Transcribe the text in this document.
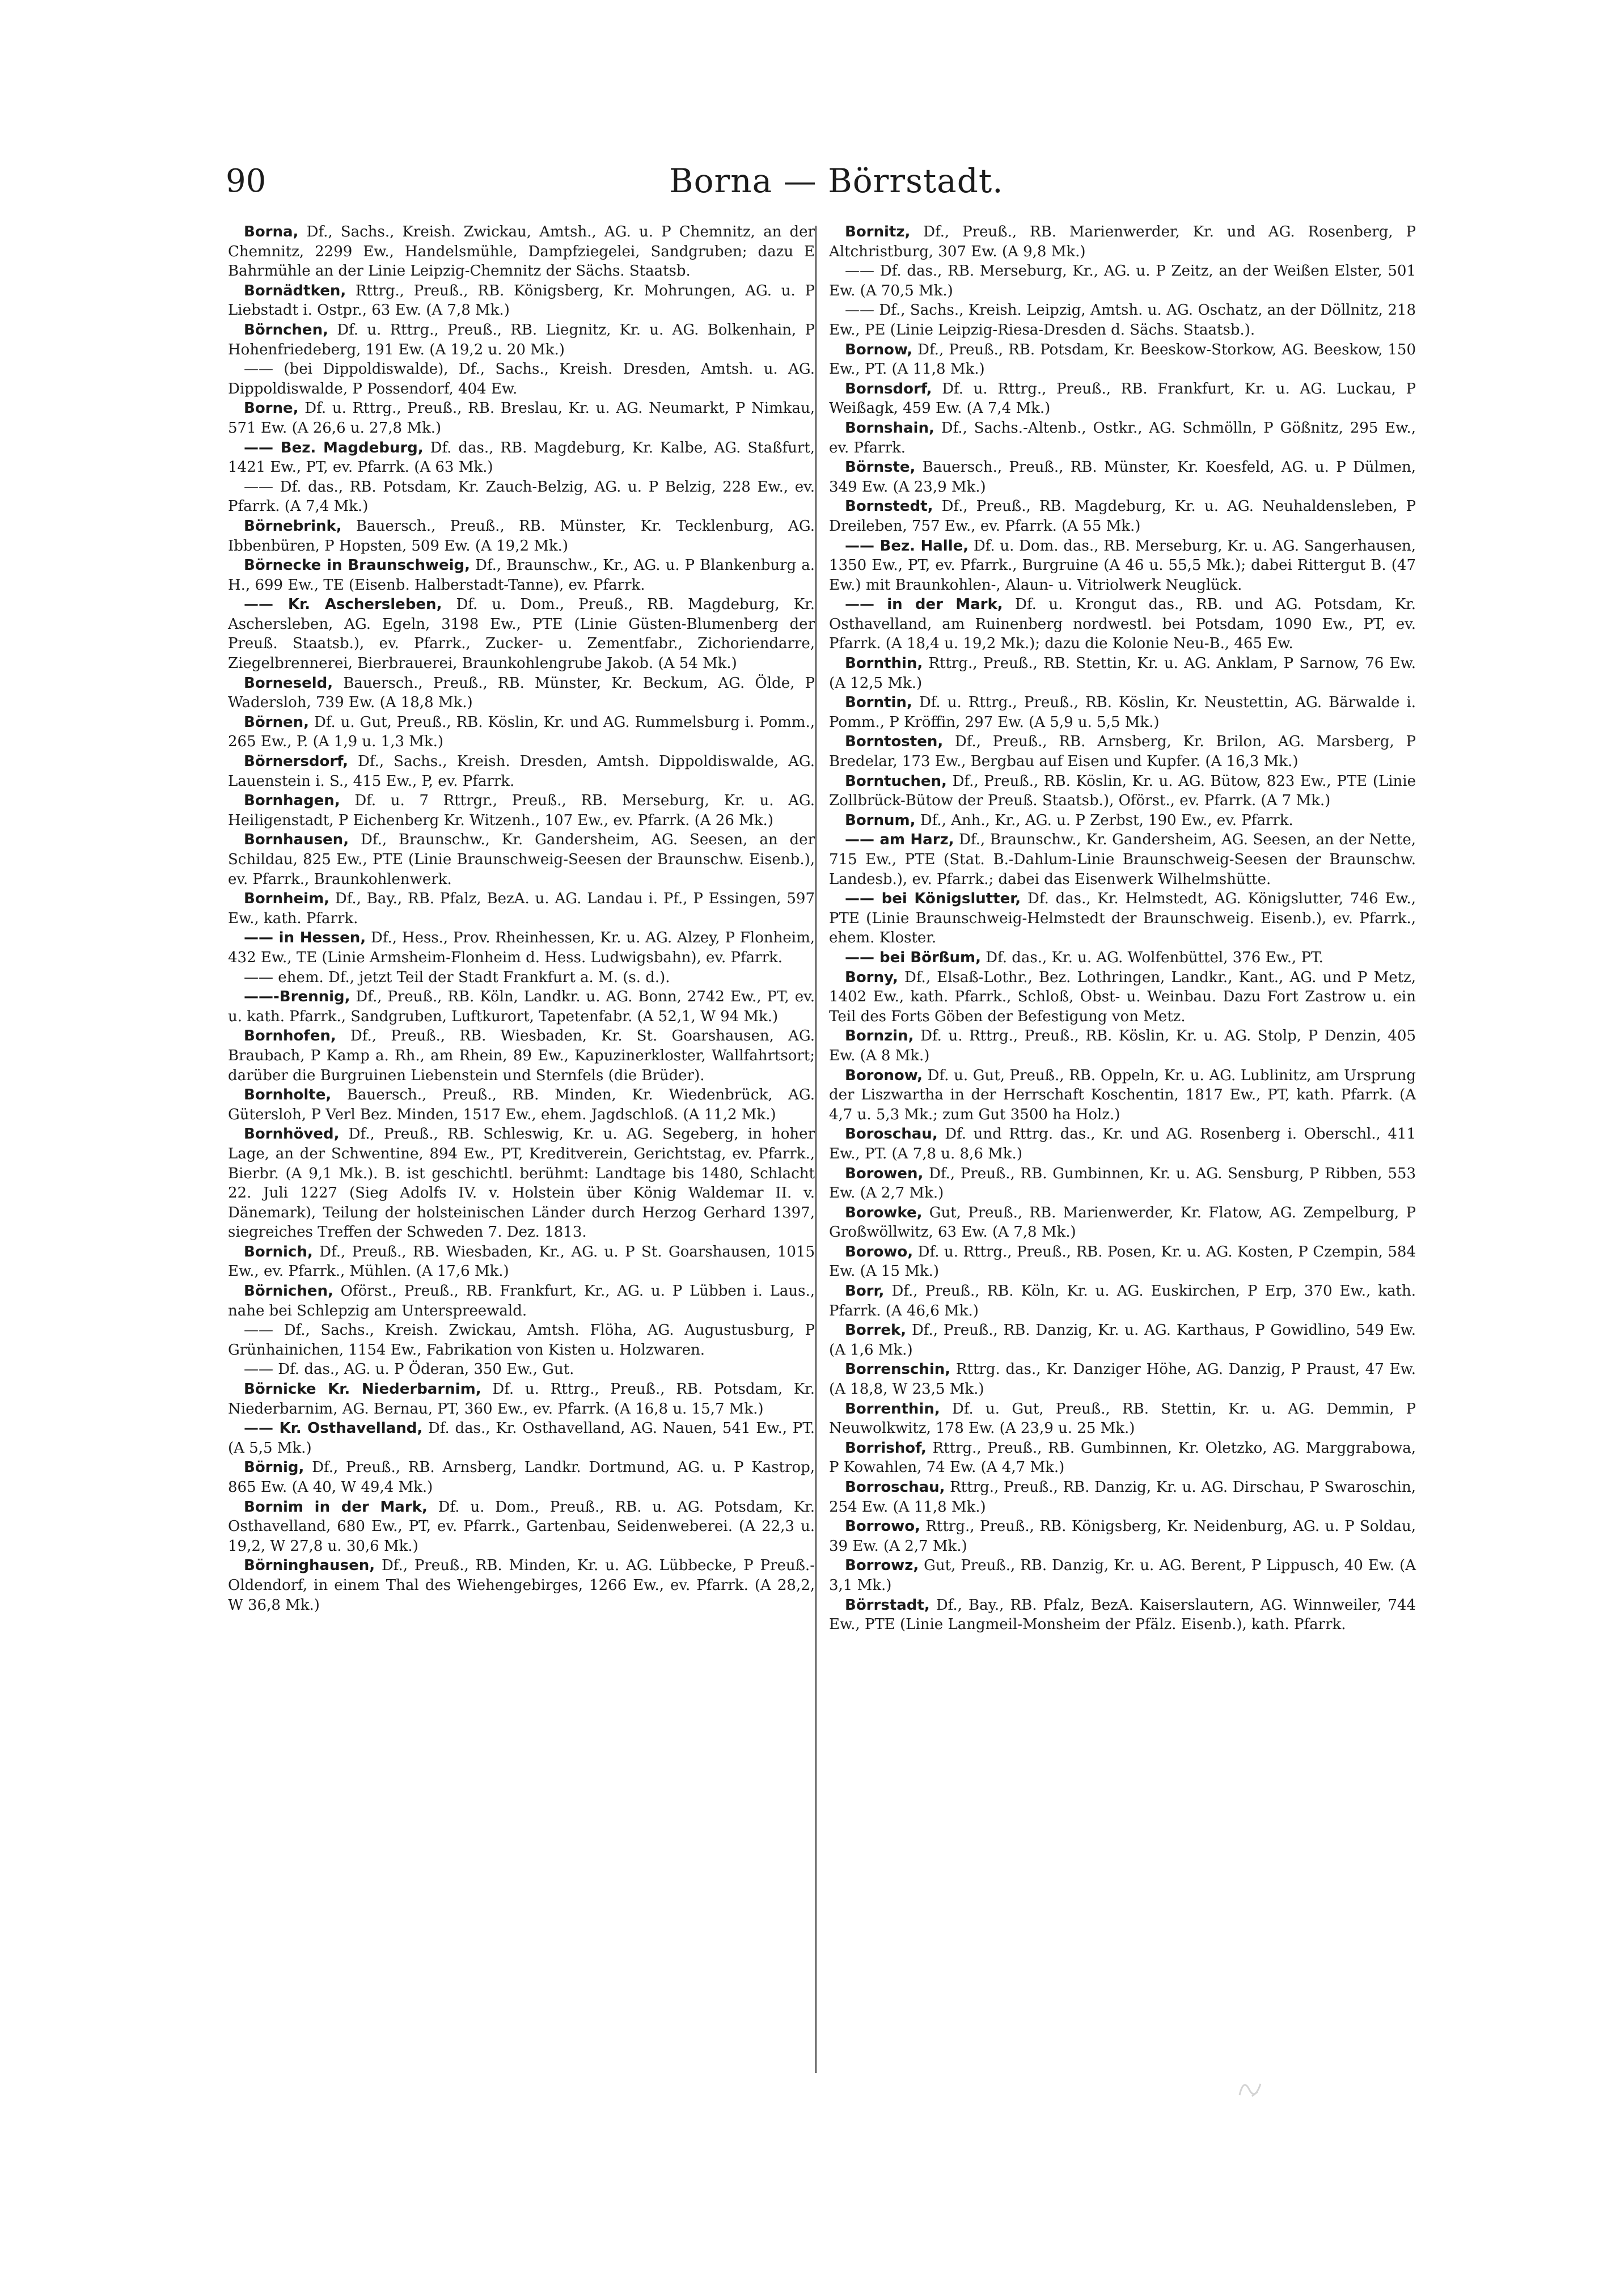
90	Borna — Börrstadt.

Borna, Df., Sachs., Kreish. Zwickau, Amtsh., AG. u. P Chemnitz, an der Chemnitz, 2299 Ew., Handelsmühle, Dampfziegelei, Sandgruben; dazu E Bahrmühle an der Linie Leipzig-Chemnitz der Sächs. Staatsb.

Bornädtken, Rttrg., Preuß., RB. Königsberg, Kr. Mohrungen, AG. u. P Liebstadt i. Ostpr., 63 Ew. (A 7,8 Mk.)

Börnchen, Df. u. Rttrg., Preuß., RB. Liegnitz, Kr. u. AG. Bolkenhain, P Hohenfriedeberg, 191 Ew. (A 19,2 u. 20 Mk.)

—— (bei Dippoldiswalde), Df., Sachs., Kreish. Dresden, Amtsh. u. AG. Dippoldiswalde, P Possendorf, 404 Ew.

Borne, Df. u. Rttrg., Preuß., RB. Breslau, Kr. u. AG. Neumarkt, P Nimkau, 571 Ew. (A 26,6 u. 27,8 Mk.)

—— Bez. Magdeburg, Df. das., RB. Magdeburg, Kr. Kalbe, AG. Staßfurt, 1421 Ew., PT, ev. Pfarrk. (A 63 Mk.)

—— Df. das., RB. Potsdam, Kr. Zauch-Belzig, AG. u. P Belzig, 228 Ew., ev. Pfarrk. (A 7,4 Mk.)

Börnebrink, Bauersch., Preuß., RB. Münster, Kr. Tecklenburg, AG. Ibbenbüren, P Hopsten, 509 Ew. (A 19,2 Mk.)

Börnecke in Braunschweig, Df., Braunschw., Kr., AG. u. P Blankenburg a. H., 699 Ew., TE (Eisenb. Halberstadt-Tanne), ev. Pfarrk.

—— Kr. Aschersleben, Df. u. Dom., Preuß., RB. Magdeburg, Kr. Aschersleben, AG. Egeln, 3198 Ew., PTE (Linie Güsten-Blumenberg der Preuß. Staatsb.), ev. Pfarrk., Zucker- u. Zementfabr., Zichoriendarre, Ziegelbrennerei, Bierbrauerei, Braunkohlengrube Jakob. (A 54 Mk.)

Borneseld, Bauersch., Preuß., RB. Münster, Kr. Beckum, AG. Ölde, P Wadersloh, 739 Ew. (A 18,8 Mk.)

Börnen, Df. u. Gut, Preuß., RB. Köslin, Kr. und AG. Rummelsburg i. Pomm., 265 Ew., P. (A 1,9 u. 1,3 Mk.)

Börnersdorf, Df., Sachs., Kreish. Dresden, Amtsh. Dippoldiswalde, AG. Lauenstein i. S., 415 Ew., P, ev. Pfarrk.

Bornhagen, Df. u. 7 Rttrgr., Preuß., RB. Merseburg, Kr. u. AG. Heiligenstadt, P Eichenberg Kr. Witzenh., 107 Ew., ev. Pfarrk. (A 26 Mk.)

Bornhausen, Df., Braunschw., Kr. Gandersheim, AG. Seesen, an der Schildau, 825 Ew., PTE (Linie Braunschweig-Seesen der Braunschw. Eisenb.), ev. Pfarrk., Braunkohlenwerk.

Bornheim, Df., Bay., RB. Pfalz, BezA. u. AG. Landau i. Pf., P Essingen, 597 Ew., kath. Pfarrk.

—— in Hessen, Df., Hess., Prov. Rheinhessen, Kr. u. AG. Alzey, P Flonheim, 432 Ew., TE (Linie Armsheim-Flonheim d. Hess. Ludwigsbahn), ev. Pfarrk.

—— ehem. Df., jetzt Teil der Stadt Frankfurt a. M. (s. d.).

——-Brennig, Df., Preuß., RB. Köln, Landkr. u. AG. Bonn, 2742 Ew., PT, ev. u. kath. Pfarrk., Sandgruben, Luftkurort, Tapetenfabr. (A 52,1, W 94 Mk.)

Bornhofen, Df., Preuß., RB. Wiesbaden, Kr. St. Goarshausen, AG. Braubach, P Kamp a. Rh., am Rhein, 89 Ew., Kapuzinerkloster, Wallfahrtsort; darüber die Burgruinen Liebenstein und Sternfels (die Brüder).

Bornholte, Bauersch., Preuß., RB. Minden, Kr. Wiedenbrück, AG. Gütersloh, P Verl Bez. Minden, 1517 Ew., ehem. Jagdschloß. (A 11,2 Mk.)

Bornhöved, Df., Preuß., RB. Schleswig, Kr. u. AG. Segeberg, in hoher Lage, an der Schwentine, 894 Ew., PT, Kreditverein, Gerichtstag, ev. Pfarrk., Bierbr. (A 9,1 Mk.). B. ist geschichtl. berühmt: Landtage bis 1480, Schlacht 22. Juli 1227 (Sieg Adolfs IV. v. Holstein über König Waldemar II. v. Dänemark), Teilung der holsteinischen Länder durch Herzog Gerhard 1397, siegreiches Treffen der Schweden 7. Dez. 1813.

Bornich, Df., Preuß., RB. Wiesbaden, Kr., AG. u. P St. Goarshausen, 1015 Ew., ev. Pfarrk., Mühlen. (A 17,6 Mk.)

Börnichen, Oförst., Preuß., RB. Frankfurt, Kr., AG. u. P Lübben i. Laus., nahe bei Schlepzig am Unterspreewald.

—— Df., Sachs., Kreish. Zwickau, Amtsh. Flöha, AG. Augustusburg, P Grünhainichen, 1154 Ew., Fabrikation von Kisten u. Holzwaren.

—— Df. das., AG. u. P Öderan, 350 Ew., Gut.

Börnicke Kr. Niederbarnim, Df. u. Rttrg., Preuß., RB. Potsdam, Kr. Niederbarnim, AG. Bernau, PT, 360 Ew., ev. Pfarrk. (A 16,8 u. 15,7 Mk.)

—— Kr. Osthavelland, Df. das., Kr. Osthavelland, AG. Nauen, 541 Ew., PT. (A 5,5 Mk.)

Börnig, Df., Preuß., RB. Arnsberg, Landkr. Dortmund, AG. u. P Kastrop, 865 Ew. (A 40, W 49,4 Mk.)

Bornim in der Mark, Df. u. Dom., Preuß., RB. u. AG. Potsdam, Kr. Osthavelland, 680 Ew., PT, ev. Pfarrk., Gartenbau, Seidenweberei. (A 22,3 u. 19,2, W 27,8 u. 30,6 Mk.)

Börninghausen, Df., Preuß., RB. Minden, Kr. u. AG. Lübbecke, P Preuß.-Oldendorf, in einem Thal des Wiehengebirges, 1266 Ew., ev. Pfarrk. (A 28,2, W 36,8 Mk.)

Bornitz, Df., Preuß., RB. Marienwerder, Kr. und AG. Rosenberg, P Altchristburg, 307 Ew. (A 9,8 Mk.)

—— Df. das., RB. Merseburg, Kr., AG. u. P Zeitz, an der Weißen Elster, 501 Ew. (A 70,5 Mk.)

—— Df., Sachs., Kreish. Leipzig, Amtsh. u. AG. Oschatz, an der Döllnitz, 218 Ew., PE (Linie Leipzig-Riesa-Dresden d. Sächs. Staatsb.).

Bornow, Df., Preuß., RB. Potsdam, Kr. Beeskow-Storkow, AG. Beeskow, 150 Ew., PT. (A 11,8 Mk.)

Bornsdorf, Df. u. Rttrg., Preuß., RB. Frankfurt, Kr. u. AG. Luckau, P Weißagk, 459 Ew. (A 7,4 Mk.)

Bornshain, Df., Sachs.-Altenb., Ostkr., AG. Schmölln, P Gößnitz, 295 Ew., ev. Pfarrk.

Börnste, Bauersch., Preuß., RB. Münster, Kr. Koesfeld, AG. u. P Dülmen, 349 Ew. (A 23,9 Mk.)

Bornstedt, Df., Preuß., RB. Magdeburg, Kr. u. AG. Neuhaldensleben, P Dreileben, 757 Ew., ev. Pfarrk. (A 55 Mk.)

—— Bez. Halle, Df. u. Dom. das., RB. Merseburg, Kr. u. AG. Sangerhausen, 1350 Ew., PT, ev. Pfarrk., Burgruine (A 46 u. 55,5 Mk.); dabei Rittergut B. (47 Ew.) mit Braunkohlen-, Alaun- u. Vitriolwerk Neuglück.

—— in der Mark, Df. u. Krongut das., RB. und AG. Potsdam, Kr. Osthavelland, am Ruinenberg nordwestl. bei Potsdam, 1090 Ew., PT, ev. Pfarrk. (A 18,4 u. 19,2 Mk.); dazu die Kolonie Neu-B., 465 Ew.

Bornthin, Rttrg., Preuß., RB. Stettin, Kr. u. AG. Anklam, P Sarnow, 76 Ew. (A 12,5 Mk.)

Borntin, Df. u. Rttrg., Preuß., RB. Köslin, Kr. Neustettin, AG. Bärwalde i. Pomm., P Kröffin, 297 Ew. (A 5,9 u. 5,5 Mk.)

Borntosten, Df., Preuß., RB. Arnsberg, Kr. Brilon, AG. Marsberg, P Bredelar, 173 Ew., Bergbau auf Eisen und Kupfer. (A 16,3 Mk.)

Borntuchen, Df., Preuß., RB. Köslin, Kr. u. AG. Bütow, 823 Ew., PTE (Linie Zollbrück-Bütow der Preuß. Staatsb.), Oförst., ev. Pfarrk. (A 7 Mk.)

Bornum, Df., Anh., Kr., AG. u. P Zerbst, 190 Ew., ev. Pfarrk.

—— am Harz, Df., Braunschw., Kr. Gandersheim, AG. Seesen, an der Nette, 715 Ew., PTE (Stat. B.-Dahlum-Linie Braunschweig-Seesen der Braunschw. Landesb.), ev. Pfarrk.; dabei das Eisenwerk Wilhelmshütte.

—— bei Königslutter, Df. das., Kr. Helmstedt, AG. Königslutter, 746 Ew., PTE (Linie Braunschweig-Helmstedt der Braunschweig. Eisenb.), ev. Pfarrk., ehem. Kloster.

—— bei Börßum, Df. das., Kr. u. AG. Wolfenbüttel, 376 Ew., PT.

Borny, Df., Elsaß-Lothr., Bez. Lothringen, Landkr., Kant., AG. und P Metz, 1402 Ew., kath. Pfarrk., Schloß, Obst- u. Weinbau. Dazu Fort Zastrow u. ein Teil des Forts Göben der Befestigung von Metz.

Bornzin, Df. u. Rttrg., Preuß., RB. Köslin, Kr. u. AG. Stolp, P Denzin, 405 Ew. (A 8 Mk.)

Boronow, Df. u. Gut, Preuß., RB. Oppeln, Kr. u. AG. Lublinitz, am Ursprung der Liszwartha in der Herrschaft Koschentin, 1817 Ew., PT, kath. Pfarrk. (A 4,7 u. 5,3 Mk.; zum Gut 3500 ha Holz.)

Boroschau, Df. und Rttrg. das., Kr. und AG. Rosenberg i. Oberschl., 411 Ew., PT. (A 7,8 u. 8,6 Mk.)

Borowen, Df., Preuß., RB. Gumbinnen, Kr. u. AG. Sensburg, P Ribben, 553 Ew. (A 2,7 Mk.)

Borowke, Gut, Preuß., RB. Marienwerder, Kr. Flatow, AG. Zempelburg, P Großwöllwitz, 63 Ew. (A 7,8 Mk.)

Borowo, Df. u. Rttrg., Preuß., RB. Posen, Kr. u. AG. Kosten, P Czempin, 584 Ew. (A 15 Mk.)

Borr, Df., Preuß., RB. Köln, Kr. u. AG. Euskirchen, P Erp, 370 Ew., kath. Pfarrk. (A 46,6 Mk.)

Borrek, Df., Preuß., RB. Danzig, Kr. u. AG. Karthaus, P Gowidlino, 549 Ew. (A 1,6 Mk.)

Borrenschin, Rttrg. das., Kr. Danziger Höhe, AG. Danzig, P Praust, 47 Ew. (A 18,8, W 23,5 Mk.)

Borrenthin, Df. u. Gut, Preuß., RB. Stettin, Kr. u. AG. Demmin, P Neuwolkwitz, 178 Ew. (A 23,9 u. 25 Mk.)

Borrishof, Rttrg., Preuß., RB. Gumbinnen, Kr. Oletzko, AG. Marggrabowa, P Kowahlen, 74 Ew. (A 4,7 Mk.)

Borroschau, Rttrg., Preuß., RB. Danzig, Kr. u. AG. Dirschau, P Swaroschin, 254 Ew. (A 11,8 Mk.)

Borrowo, Rttrg., Preuß., RB. Königsberg, Kr. Neidenburg, AG. u. P Soldau, 39 Ew. (A 2,7 Mk.)

Borrowz, Gut, Preuß., RB. Danzig, Kr. u. AG. Berent, P Lippusch, 40 Ew. (A 3,1 Mk.)

Börrstadt, Df., Bay., RB. Pfalz, BezA. Kaiserslautern, AG. Winnweiler, 744 Ew., PTE (Linie Langmeil-Monsheim der Pfälz. Eisenb.), kath. Pfarrk.
